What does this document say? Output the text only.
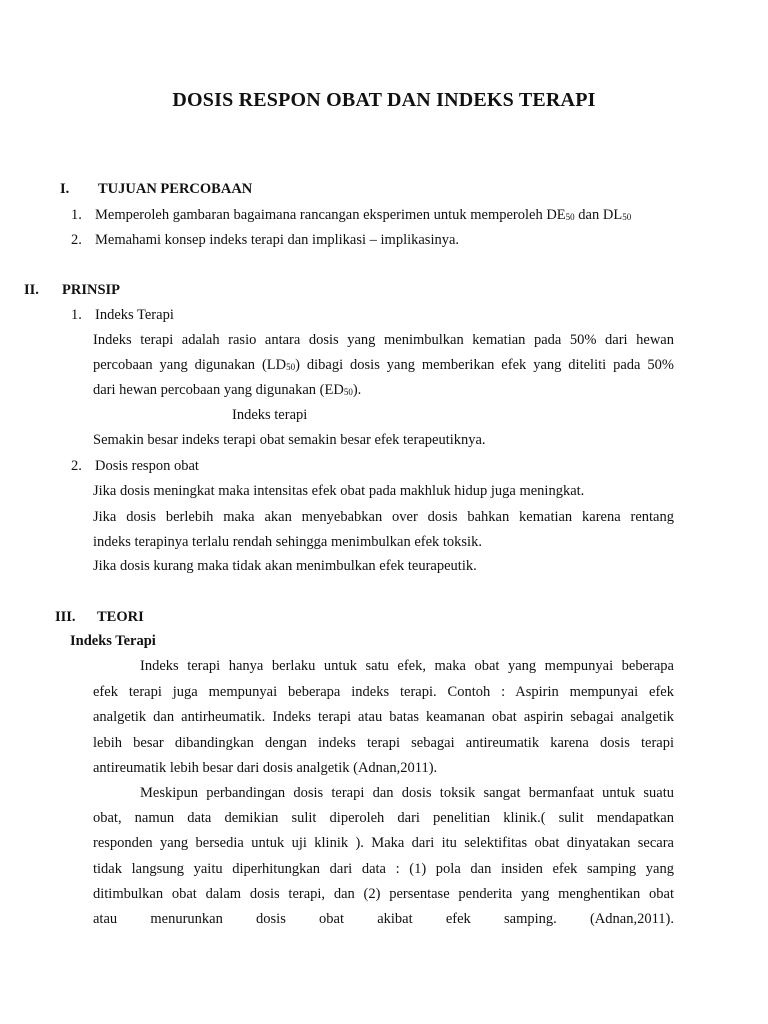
DOSIS RESPON OBAT DAN INDEKS TERAPI
I. TUJUAN PERCOBAAN
1. Memperoleh gambaran bagaimana rancangan eksperimen untuk memperoleh $DE_{50}$ dan $DL_{50}$
2. Memahami konsep indeks terapi dan implikasi – implikasinya.
II. PRINSIP
1. Indeks Terapi
Indeks terapi adalah rasio antara dosis yang menimbulkan kematian pada 50% dari hewan
percobaan yang digunakan $(LD_{50})$ dibagi dosis yang memberikan efek yang diteliti pada 50%
dari hewan percobaan yang digunakan $(ED_{50})$.
Indeks terapi
Semakin besar indeks terapi obat semakin besar efek terapeutiknya.
2. Dosis respon obat
Jika dosis meningkat maka intensitas efek obat pada makhluk hidup juga meningkat.
Jika dosis berlebih maka akan menyebabkan over dosis bahkan kematian karena rentang
indeks terapinya terlalu rendah sehingga menimbulkan efek toksik.
Jika dosis kurang maka tidak akan menimbulkan efek teurapeutik.
III. TEORI
Indeks Terapi
Indeks terapi hanya berlaku untuk satu efek, maka obat yang mempunyai beberapa
efek terapi juga mempunyai beberapa indeks terapi. Contoh : Aspirin mempunyai efek
analgetik dan antirheumatik. Indeks terapi atau batas keamanan obat aspirin sebagai analgetik
lebih besar dibandingkan dengan indeks terapi sebagai antireumatik karena dosis terapi
antireumatik lebih besar dari dosis analgetik (Adnan,2011).
Meskipun perbandingan dosis terapi dan dosis toksik sangat bermanfaat untuk suatu
obat, namun data demikian sulit diperoleh dari penelitian klinik.( sulit mendapatkan
responden yang bersedia untuk uji klinik ). Maka dari itu selektifitas obat dinyatakan secara
tidak langsung yaitu diperhitungkan dari data : (1) pola dan insiden efek samping yang
ditimbulkan obat dalam dosis terapi, dan (2) persentase penderita yang menghentikan obat
atau menurunkan dosis obat akibat efek samping. (Adnan,2011).
